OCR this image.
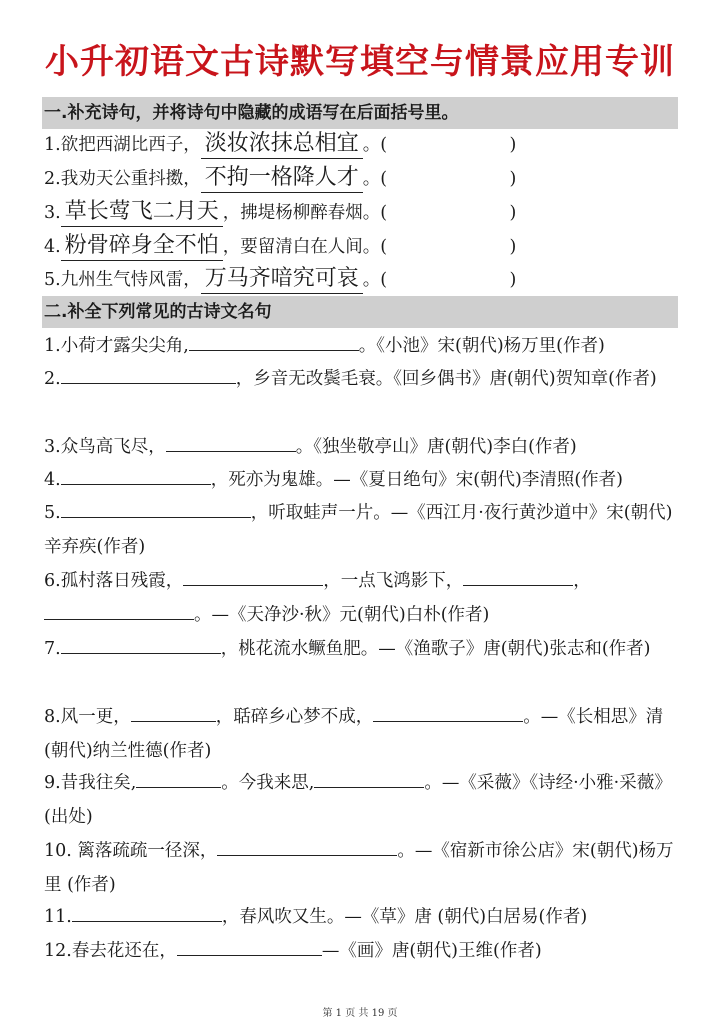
小升初语文古诗默写填空与情景应用专训
一.补充诗句，并将诗句中隐藏的成语写在后面括号里。
1.欲把西湖比西子， 淡妆浓抹总相宜 。(　　　　　　　)
2.我劝天公重抖擞， 不拘一格降人才 。(　　　　　　　)
3. 草长莺飞二月天 ，拂堤杨柳醉春烟。(　　　　　　　)
4. 粉骨碎身全不怕 ，要留清白在人间。(　　　　　　　)
5.九州生气恃风雷， 万马齐喑究可哀 。(　　　　　　　)
二.补全下列常见的古诗文名句
1.小荷才露尖尖角,	。《小池》宋(朝代)杨万里(作者)
2.	，乡音无改鬓毛衰。《回乡偶书》唐(朝代)贺知章(作者)
3.众鸟高飞尽，	。《独坐敬亭山》唐(朝代)李白(作者)
4.	，死亦为鬼雄。—《夏日绝句》宋(朝代)李清照(作者)
5.	，听取蛙声一片。—《西江月·夜行黄沙道中》宋(朝代)辛弃疾(作者)
6.孤村落日残霞，	，一点飞鸿影下，	，。—《天净沙·秋》元(朝代)白朴(作者)
7.	，桃花流水鳜鱼肥。—《渔歌子》唐(朝代)张志和(作者)
8.风一更，	，聒碎乡心梦不成，	。—《长相思》清(朝代)纳兰性德(作者)
9.昔我往矣,	。今我来思,	。—《采薇》《诗经·小雅·采薇》(出处)
10. 篱落疏疏一径深，	。—《宿新市徐公店》宋(朝代)杨万里 (作者)
11.	，春风吹又生。—《草》唐 (朝代)白居易(作者)
12.春去花还在，	—《画》唐(朝代)王维(作者)
第 1 页 共 19 页
